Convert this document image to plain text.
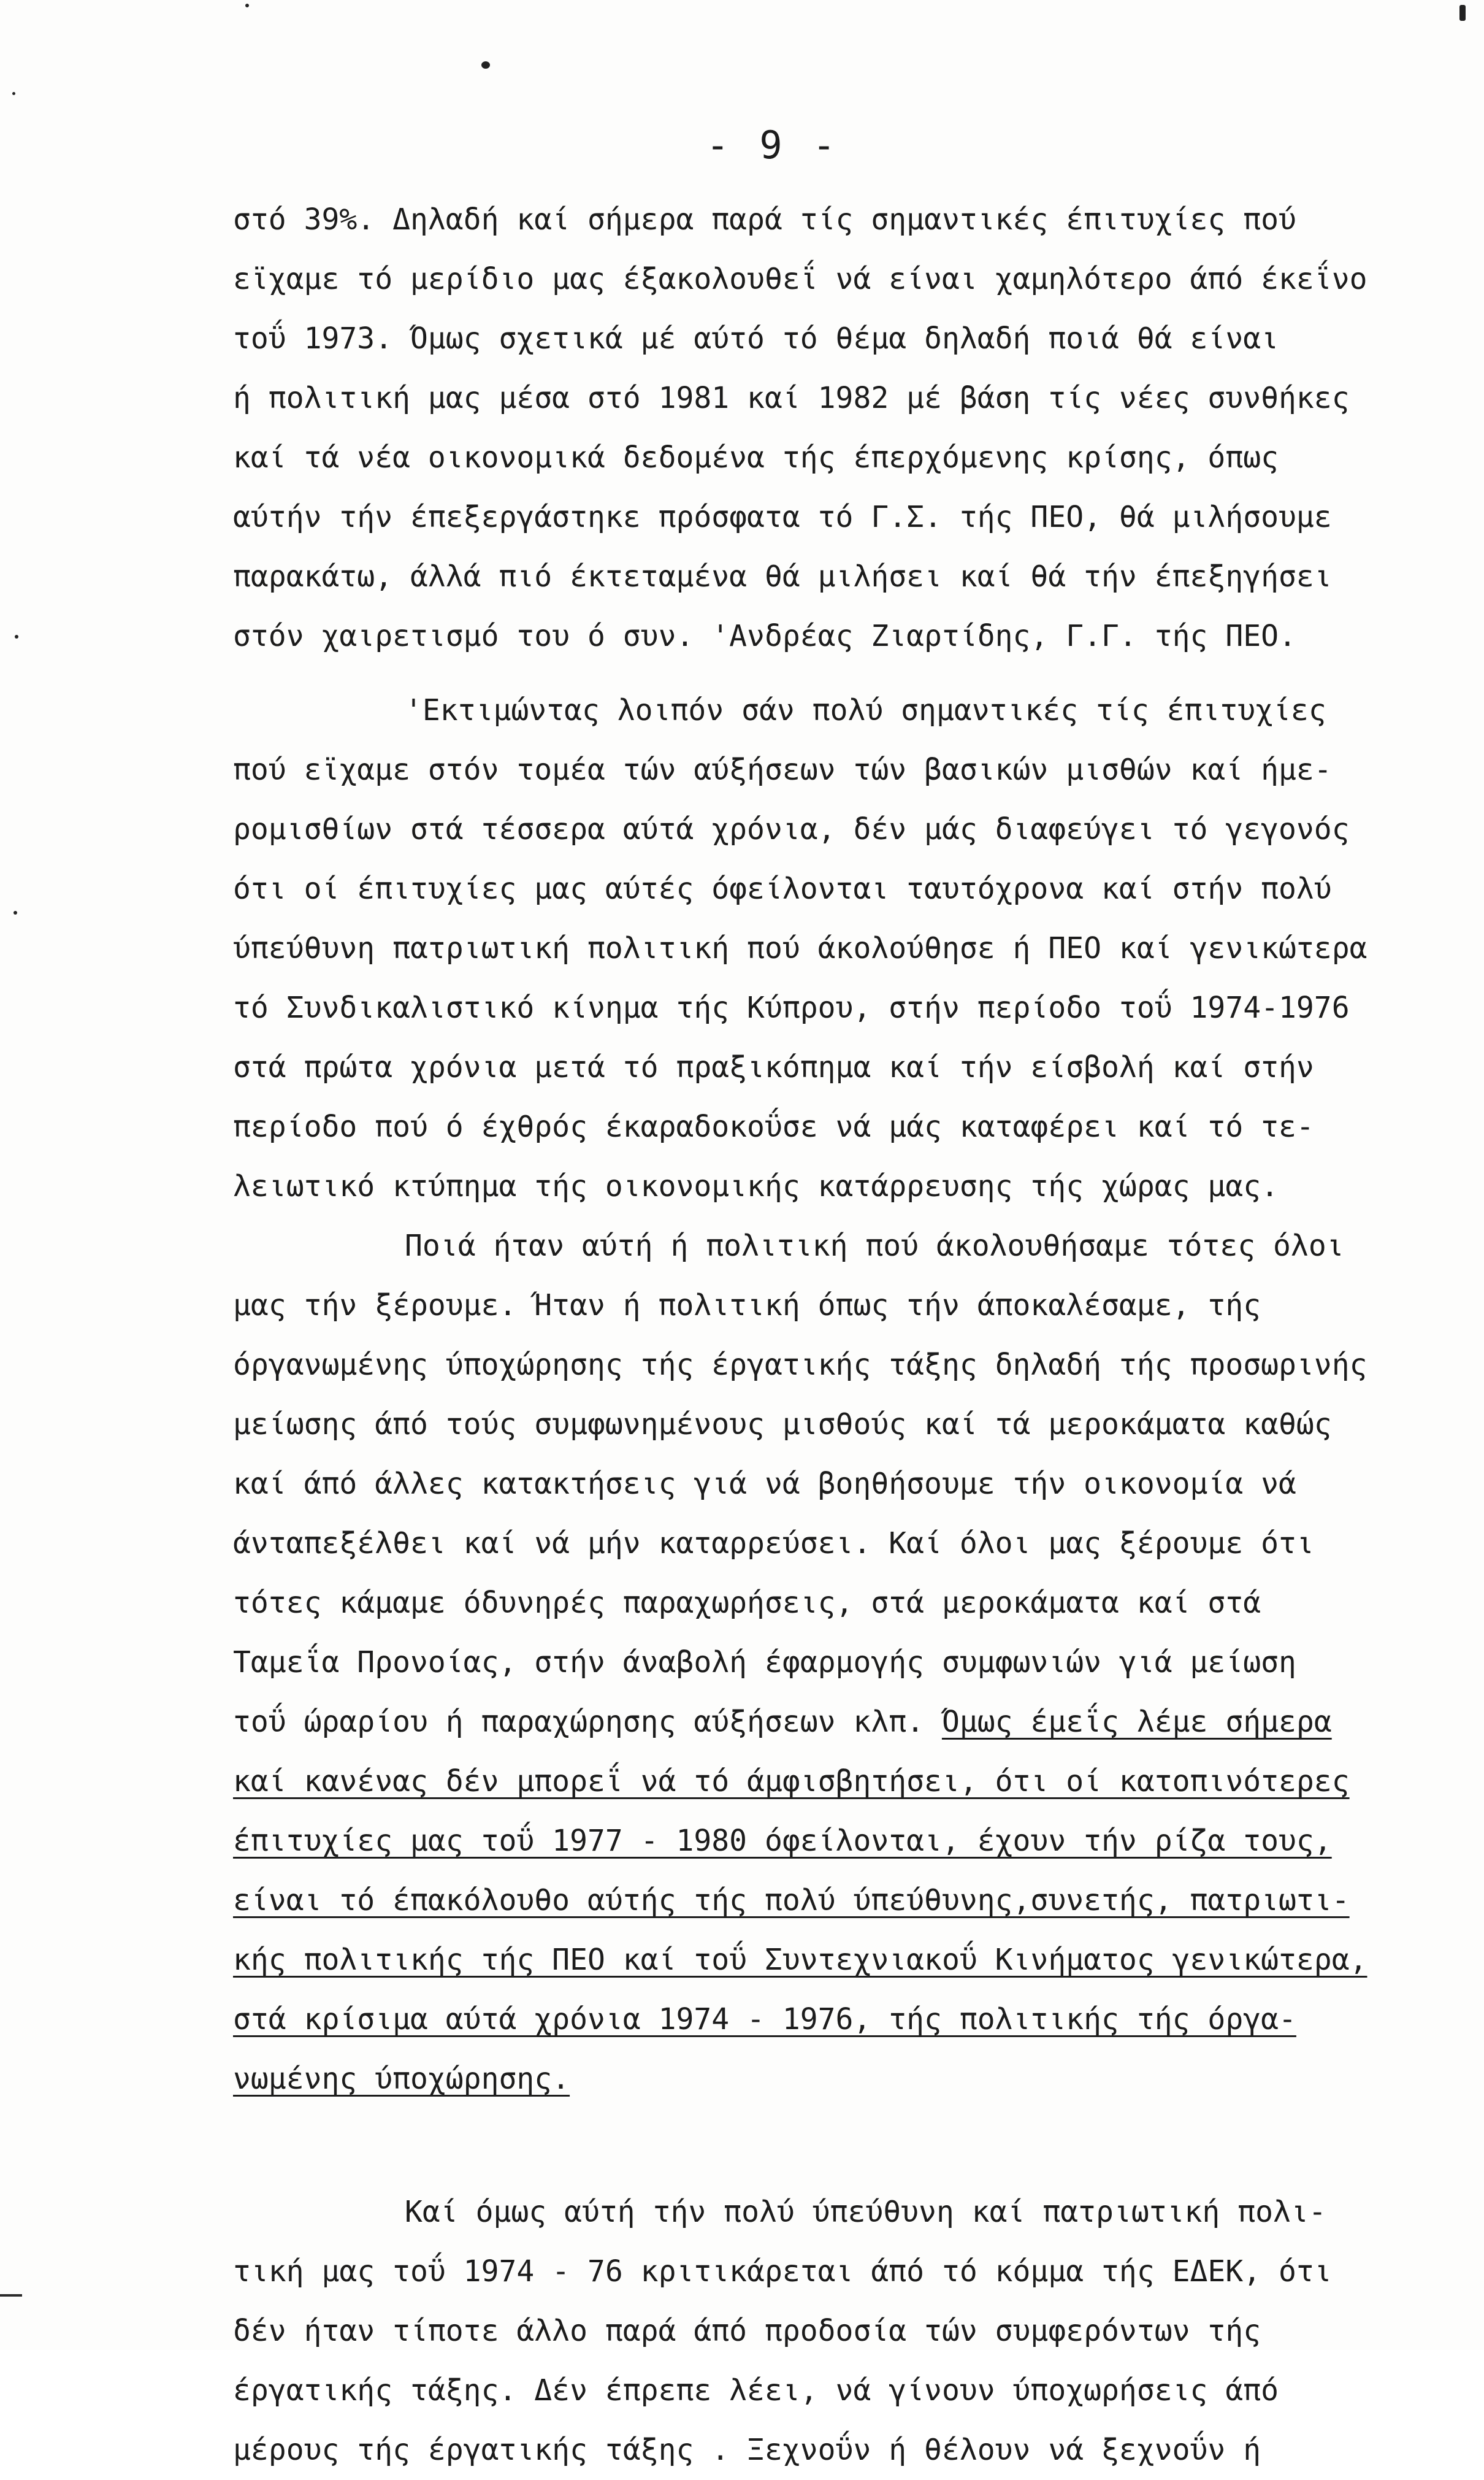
- 9 -
στό 39%. Δηλαδή καί σήμερα παρά τίς σημαντικές έπιτυχίες πού
εϊχαμε τό μερίδιο μας έξακολουθεΐ νά είναι χαμηλότερο άπό έκεΐνο
τοΰ 1973. Όμως σχετικά μέ αύτό τό θέμα δηλαδή ποιά θά είναι
ή πολιτική μας μέσα στό 1981 καί 1982 μέ βάση τίς νέες συνθήκες
καί τά νέα οικονομικά δεδομένα τής έπερχόμενης κρίσης, όπως
αύτήν τήν έπεξεργάστηκε πρόσφατα τό Γ.Σ. τής ΠΕΟ, θά μιλήσουμε
παρακάτω, άλλά πιό έκτεταμένα θά μιλήσει καί θά τήν έπεξηγήσει
στόν χαιρετισμό του ό συν. 'Ανδρέας Ζιαρτίδης, Γ.Γ. τής ΠΕΟ.
'Εκτιμώντας λοιπόν σάν πολύ σημαντικές τίς έπιτυχίες
πού εϊχαμε στόν τομέα τών αύξήσεων τών βασικών μισθών καί ήμε-
ρομισθίων στά τέσσερα αύτά χρόνια, δέν μάς διαφεύγει τό γεγονός
ότι οί έπιτυχίες μας αύτές όφείλονται ταυτόχρονα καί στήν πολύ
ύπεύθυνη πατριωτική πολιτική πού άκολούθησε ή ΠΕΟ καί γενικώτερα
τό Συνδικαλιστικό κίνημα τής Κύπρου, στήν περίοδο τοΰ 1974-1976
στά πρώτα χρόνια μετά τό πραξικόπημα καί τήν είσβολή καί στήν
περίοδο πού ό έχθρός έκαραδοκοΰσε νά μάς καταφέρει καί τό τε-
λειωτικό κτύπημα τής οικονομικής κατάρρευσης τής χώρας μας.
Ποιά ήταν αύτή ή πολιτική πού άκολουθήσαμε τότες όλοι
μας τήν ξέρουμε. Ήταν ή πολιτική όπως τήν άποκαλέσαμε, τής
όργανωμένης ύποχώρησης τής έργατικής τάξης δηλαδή τής προσωρινής
μείωσης άπό τούς συμφωνημένους μισθούς καί τά μεροκάματα καθώς
καί άπό άλλες κατακτήσεις γιά νά βοηθήσουμε τήν οικονομία νά
άνταπεξέλθει καί νά μήν καταρρεύσει. Καί όλοι μας ξέρουμε ότι
τότες κάμαμε όδυνηρές παραχωρήσεις, στά μεροκάματα καί στά
Ταμεΐα Προνοίας, στήν άναβολή έφαρμογής συμφωνιών γιά μείωση
τοΰ ώραρίου ή παραχώρησης αύξήσεων κλπ. Όμως έμεΐς λέμε σήμερα
καί κανένας δέν μπορεΐ νά τό άμφισβητήσει, ότι οί κατοπινότερες
έπιτυχίες μας τοΰ 1977 - 1980 όφείλονται, έχουν τήν ρίζα τους,
είναι τό έπακόλουθο αύτής τής πολύ ύπεύθυνης,συνετής, πατριωτι-
κής πολιτικής τής ΠΕΟ καί τοΰ Συντεχνιακοΰ Κινήματος γενικώτερα,
στά κρίσιμα αύτά χρόνια 1974 - 1976, τής πολιτικής τής όργα-
νωμένης ύποχώρησης.
Καί όμως αύτή τήν πολύ ύπεύθυνη καί πατριωτική πολι-
τική μας τοΰ 1974 - 76 κριτικάρεται άπό τό κόμμα τής ΕΔΕΚ, ότι
δέν ήταν τίποτε άλλο παρά άπό προδοσία τών συμφερόντων τής
έργατικής τάξης. Δέν έπρεπε λέει, νά γίνουν ύποχωρήσεις άπό
μέρους τής έργατικής τάξης . Ξεχνοΰν ή θέλουν νά ξεχνοΰν ή
